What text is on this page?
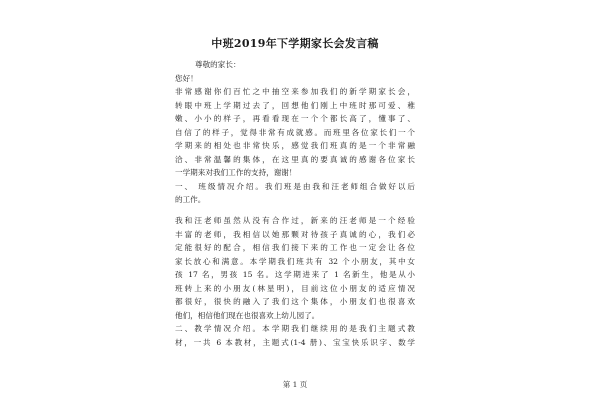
中班2019年下学期家长会发言稿
尊敬的家长：
您好！
非常感谢你们百忙之中抽空来参加我们的新学期家长会，
转眼中班上学期过去了，回想他们刚上中班时那可爱、稚
嫩、小小的样子，再看看现在一个个都长高了，懂事了、
自信了的样子，觉得非常有成就感。而班里各位家长们一个
学期来的相处也非常快乐，感觉我们班真的是一个非常融
洽、非常温馨的集体，在这里真的要真诚的感谢各位家长
一学期来对我们工作的支持，谢谢！
一、 班级情况介绍。我们班是由我和汪老师组合做好以后
的工作。
我和汪老师虽然从没有合作过，新来的汪老师是一个经验
丰富的老师，我相信以她那颗对待孩子真诚的心，我们必
定能很好的配合，相信我们接下来的工作也一定会让各位
家长放心和满意。本学期我们班共有 32 个小朋友，其中女
孩 17 名，男孩 15 名。这学期进来了 1 名新生，他是从小
班转上来的小朋友(林星明)，目前这位小朋友的适应情况
都很好，很快的融入了我们这个集体，小朋友们也很喜欢
他们，相信他们现在也很喜欢上幼儿园了。
二、教学情况介绍。本学期我们继续用的是我们主题式教
材，一共 6 本教材，主题式(1-4 册)、宝宝快乐识字、数学
第 1 页
